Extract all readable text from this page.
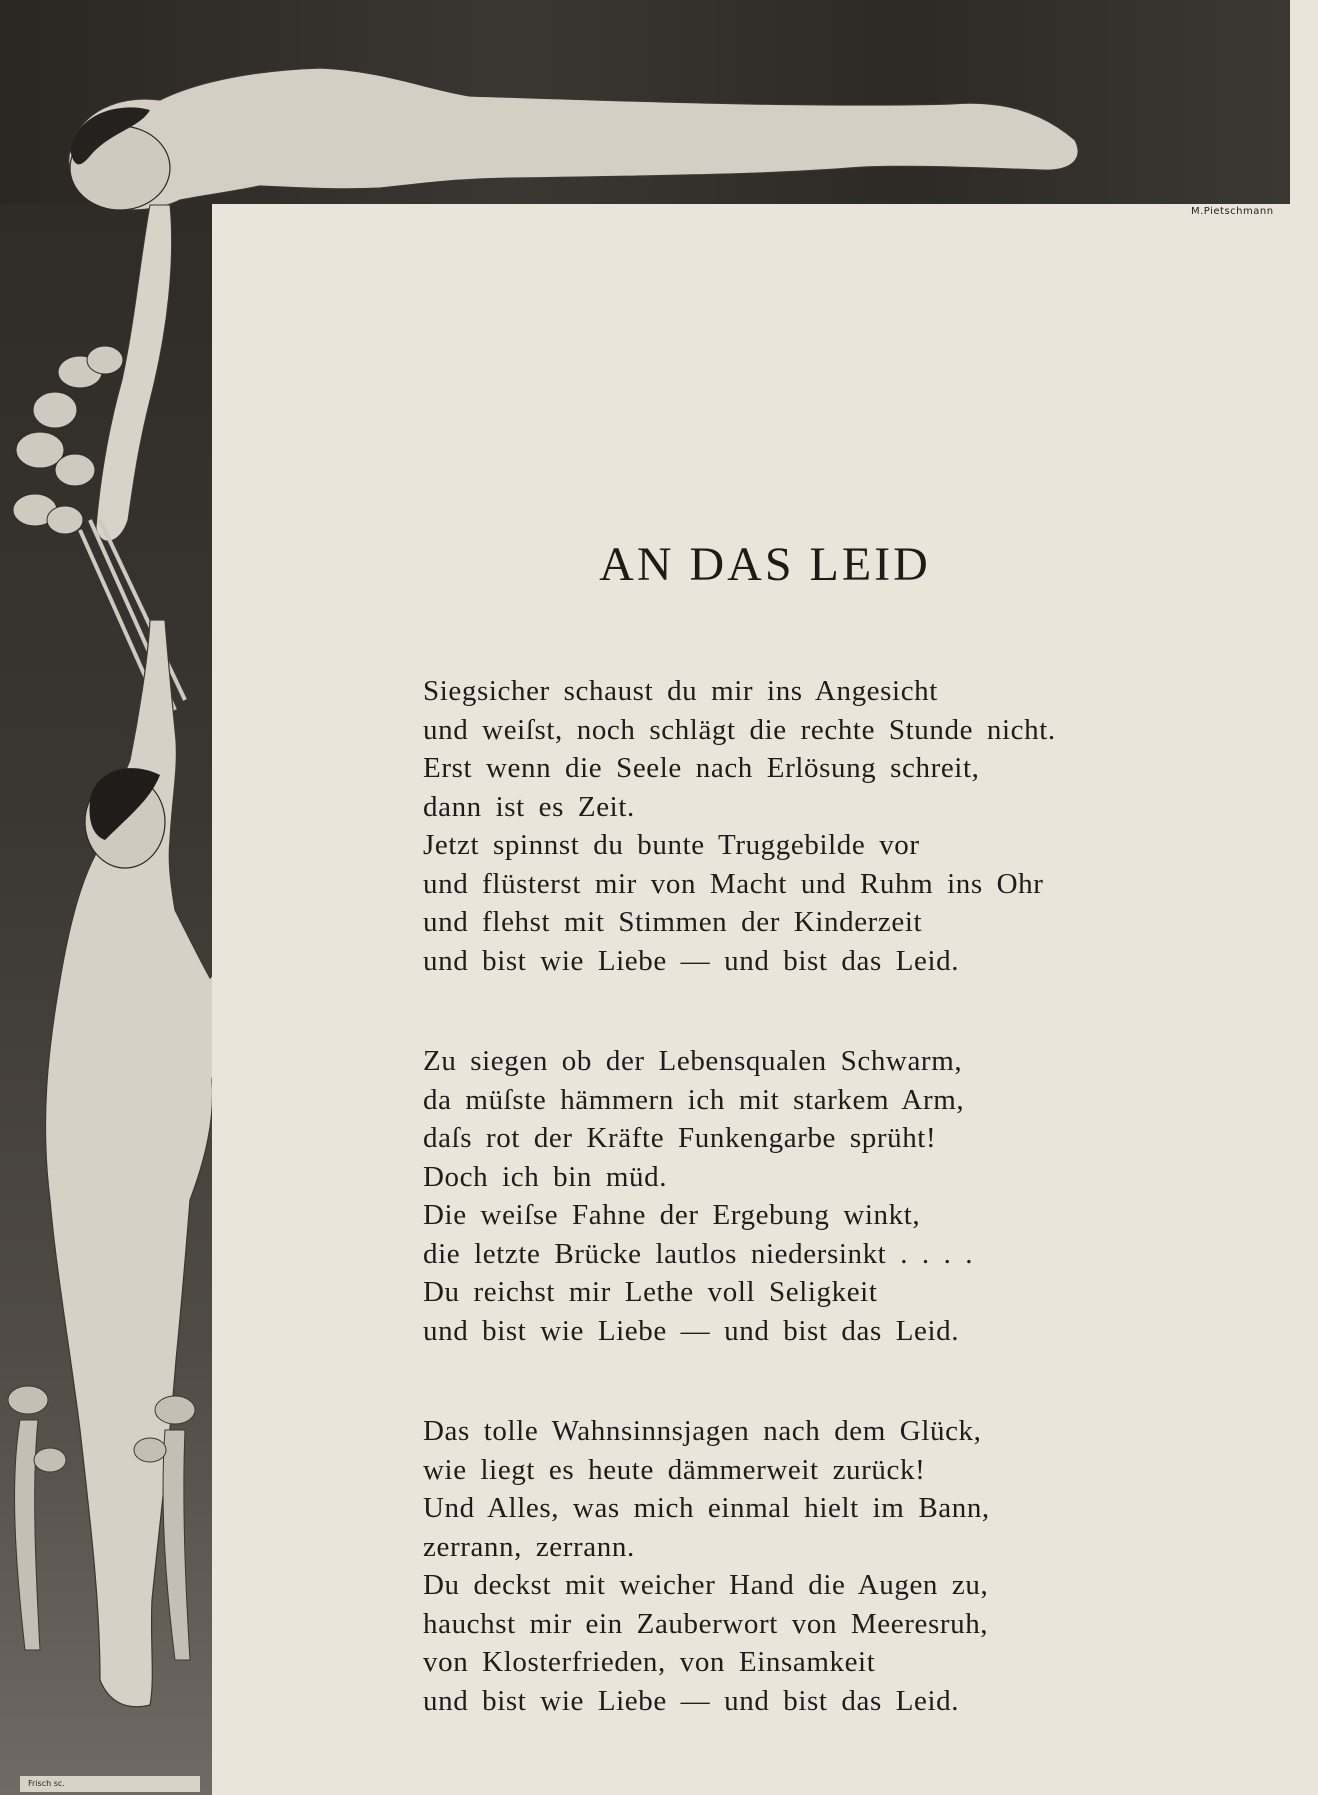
M.Pietschmann
Frisch sc.
AN DAS LEID
Siegsicher schaust du mir ins Angesicht
und weiſst, noch schlägt die rechte Stunde nicht.
Erst wenn die Seele nach Erlösung schreit,
dann ist es Zeit.
Jetzt spinnst du bunte Truggebilde vor
und flüsterst mir von Macht und Ruhm ins Ohr
und flehst mit Stimmen der Kinderzeit
und bist wie Liebe — und bist das Leid.
Zu siegen ob der Lebensqualen Schwarm,
da müſste hämmern ich mit starkem Arm,
daſs rot der Kräfte Funkengarbe sprüht!
Doch ich bin müd.
Die weiſse Fahne der Ergebung winkt,
die letzte Brücke lautlos niedersinkt . . . .
Du reichst mir Lethe voll Seligkeit
und bist wie Liebe — und bist das Leid.
Das tolle Wahnsinnsjagen nach dem Glück,
wie liegt es heute dämmerweit zurück!
Und Alles, was mich einmal hielt im Bann,
zerrann, zerrann.
Du deckst mit weicher Hand die Augen zu,
hauchst mir ein Zauberwort von Meeresruh,
von Klosterfrieden, von Einsamkeit
und bist wie Liebe — und bist das Leid.
